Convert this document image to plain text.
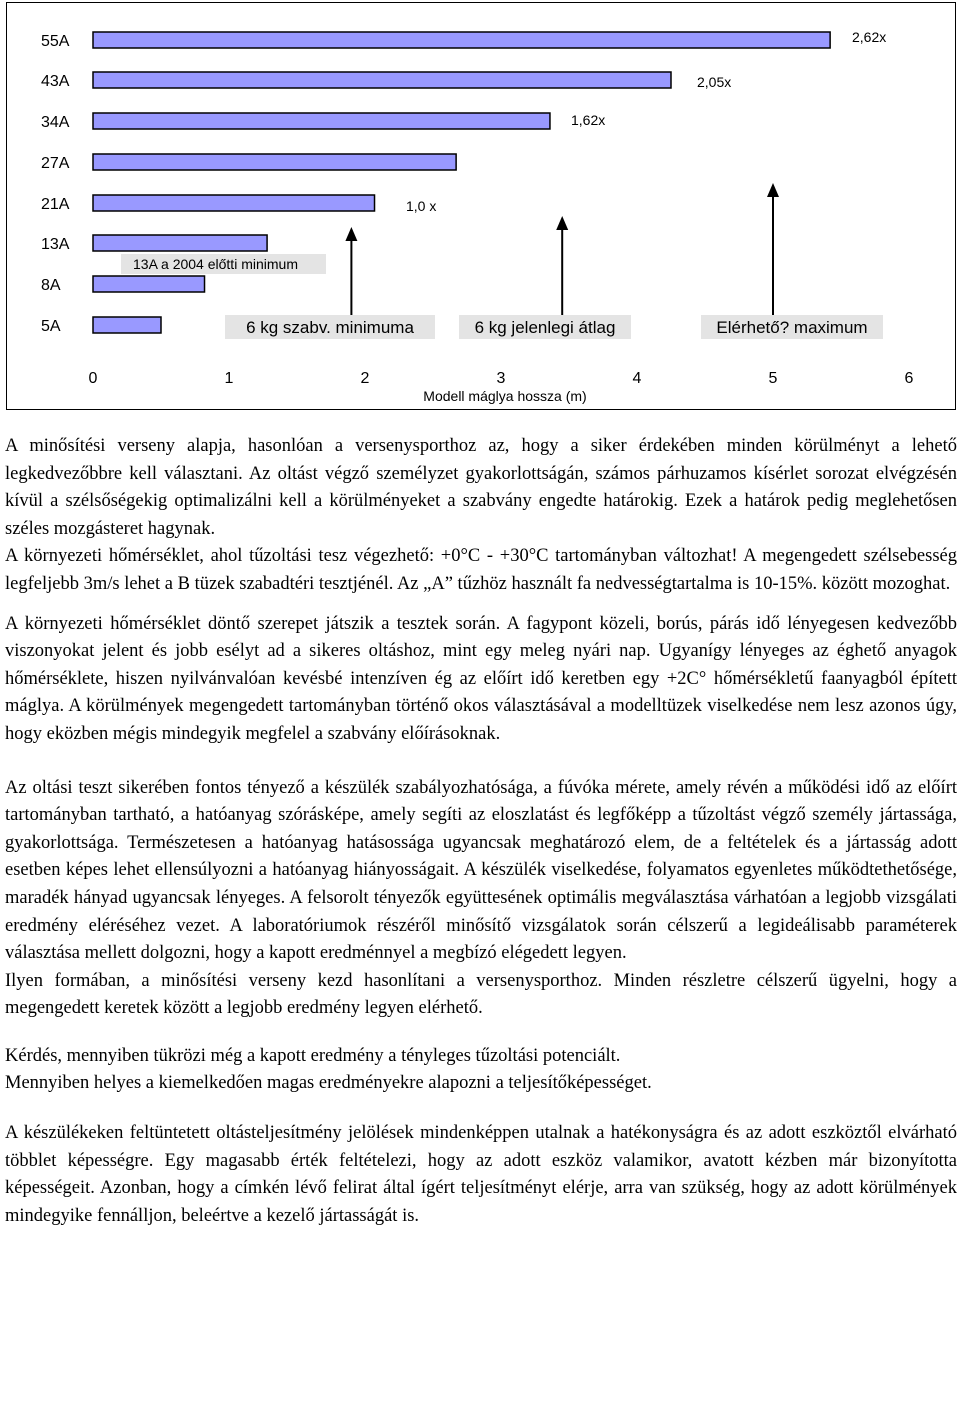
55A
43A
34A
27A
21A
13A
8A
5A	6 kg szabv. minimuma	6 kg jelenlegi átlag	Elérhető? maximum
2,62x
2,05x
1,62x
1,0 x
13A a 2004 előtti minimum
0	1	2	3	4	5	6
Modell máglya hossza (m)

A minősítési verseny alapja, hasonlóan a versenysporthoz az, hogy a siker érdekében minden körülményt a lehető legkedvezőbbre kell választani. Az oltást végző személyzet gyakorlottságán, számos párhuzamos kísérlet sorozat elvégzésén kívül a szélsőségekig optimalizálni kell a körülményeket a szabvány engedte határokig. Ezek a határok pedig meglehetősen széles mozgásteret hagynak.

A környezeti hőmérséklet, ahol tűzoltási tesz végezhető: +0°C - +30°C tartományban változhat! A megengedett szélsebesség legfeljebb 3m/s lehet a B tüzek szabadtéri tesztjénél. Az „A” tűzhöz használt fa nedvességtartalma is 10-15%. között mozoghat.

A környezeti hőmérséklet döntő szerepet játszik a tesztek során. A fagypont közeli, borús, párás idő lényegesen kedvezőbb viszonyokat jelent és jobb esélyt ad a sikeres oltáshoz, mint egy meleg nyári nap. Ugyanígy lényeges az éghető anyagok hőmérséklete, hiszen nyilvánvalóan kevésbé intenzíven ég az előírt idő keretben egy +2C° hőmérsékletű faanyagból épített máglya. A körülmények megengedett tartományban történő okos választásával a modelltüzek viselkedése nem lesz azonos úgy, hogy eközben mégis mindegyik megfelel a szabvány előírásoknak.

Az oltási teszt sikerében fontos tényező a készülék szabályozhatósága, a fúvóka mérete, amely révén a működési idő az előírt tartományban tartható, a hatóanyag szórásképe, amely segíti az eloszlatást és legfőképp a tűzoltást végző személy jártassága, gyakorlottsága. Természetesen a hatóanyag hatásossága ugyancsak meghatározó elem, de a feltételek és a jártasság adott esetben képes lehet ellensúlyozni a hatóanyag hiányosságait. A készülék viselkedése, folyamatos egyenletes működtethetősége, maradék hányad ugyancsak lényeges. A felsorolt tényezők együttesének optimális megválasztása várhatóan a legjobb vizsgálati eredmény eléréséhez vezet. A laboratóriumok részéről minősítő vizsgálatok során célszerű a legideálisabb paraméterek választása mellett dolgozni, hogy a kapott eredménnyel a megbízó elégedett legyen.

Ilyen formában, a minősítési verseny kezd hasonlítani a versenysporthoz. Minden részletre célszerű ügyelni, hogy a megengedett keretek között a legjobb eredmény legyen elérhető.

Kérdés, mennyiben tükrözi még a kapott eredmény a tényleges tűzoltási potenciált.

Mennyiben helyes a kiemelkedően magas eredményekre alapozni a teljesítőképességet.

A készülékeken feltüntetett oltásteljesítmény jelölések mindenképpen utalnak a hatékonyságra és az adott eszköztől elvárható többlet képességre. Egy magasabb érték feltételezi, hogy az adott eszköz valamikor, avatott kézben már bizonyította képességeit. Azonban, hogy a címkén lévő felirat által ígért teljesítményt elérje, arra van szükség, hogy az adott körülmények mindegyike fennálljon, beleértve a kezelő jártasságát is.
